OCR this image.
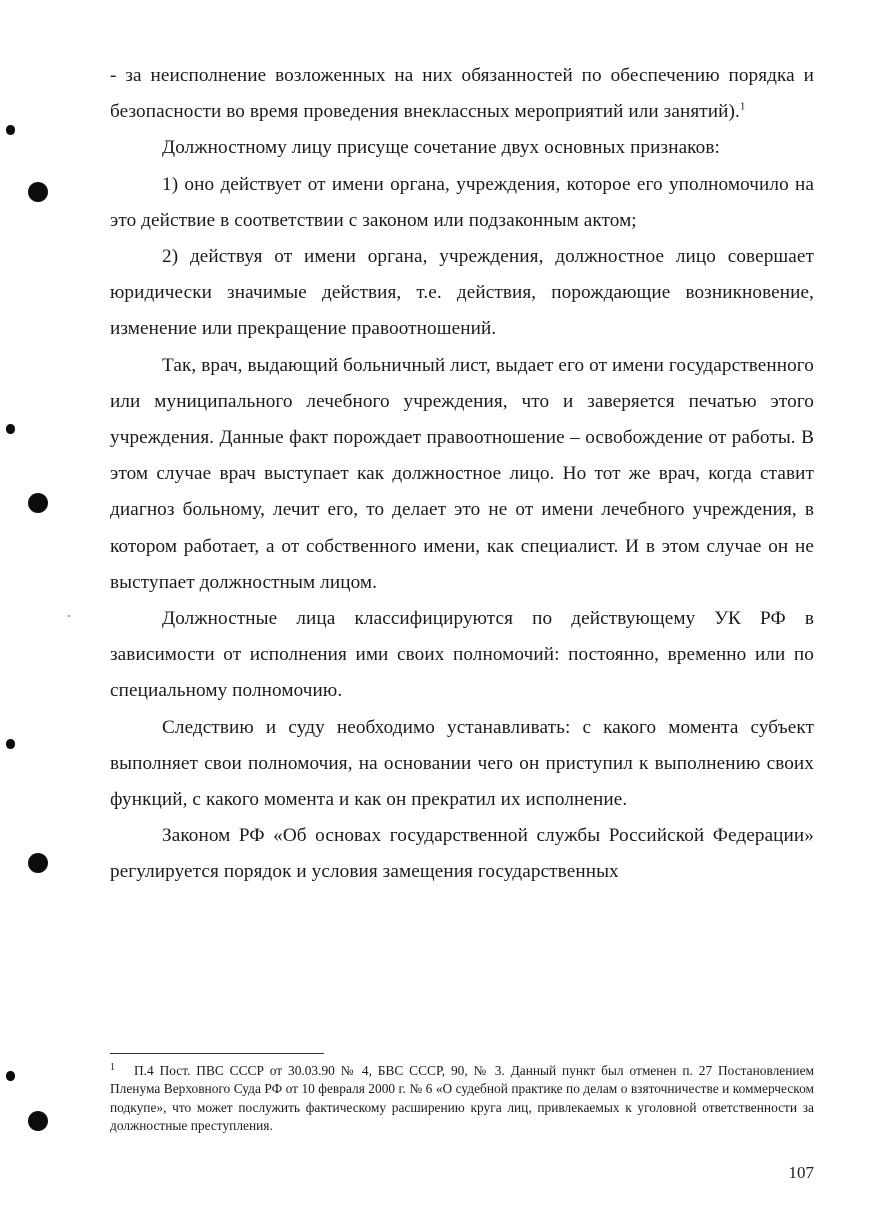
- за неисполнение возложенных на них обязанностей по обеспечению порядка и безопасности во время проведения внеклассных мероприятий или занятий).$^1$

Должностному лицу присуще сочетание двух основных признаков:

1) оно действует от имени органа, учреждения, которое его уполномочило на это действие в соответствии с законом или подзаконным актом;

2) действуя от имени органа, учреждения, должностное лицо совершает юридически значимые действия, т.е. действия, порождающие возникновение, изменение или прекращение правоотношений.

Так, врач, выдающий больничный лист, выдает его от имени государственного или муниципального лечебного учреждения, что и заверяется печатью этого учреждения. Данные факт порождает правоотношение – освобождение от работы. В этом случае врач выступает как должностное лицо. Но тот же врач, когда ставит диагноз больному, лечит его, то делает это не от имени лечебного учреждения, в котором работает, а от собственного имени, как специалист. И в этом случае он не выступает должностным лицом.

Должностные лица классифицируются по действующему УК РФ в зависимости от исполнения ими своих полномочий: постоянно, временно или по специальному полномочию.

Следствию и суду необходимо устанавливать: с какого момента субъект выполняет свои полномочия, на основании чего он приступил к выполнению своих функций, с какого момента и как он прекратил их исполнение.

Законом РФ «Об основах государственной службы Российской Федерации» регулируется порядок и условия замещения государственных

1 П.4 Пост. ПВС СССР от 30.03.90 № 4, БВС СССР, 90, № 3. Данный пункт был отменен п. 27 Постановлением Пленума Верховного Суда РФ от 10 февраля 2000 г. № 6 «О судебной практике по делам о взяточничестве и коммерческом подкупе», что может послужить фактическому расширению круга лиц, привлекаемых к уголовной ответственности за должностные преступления.
107
